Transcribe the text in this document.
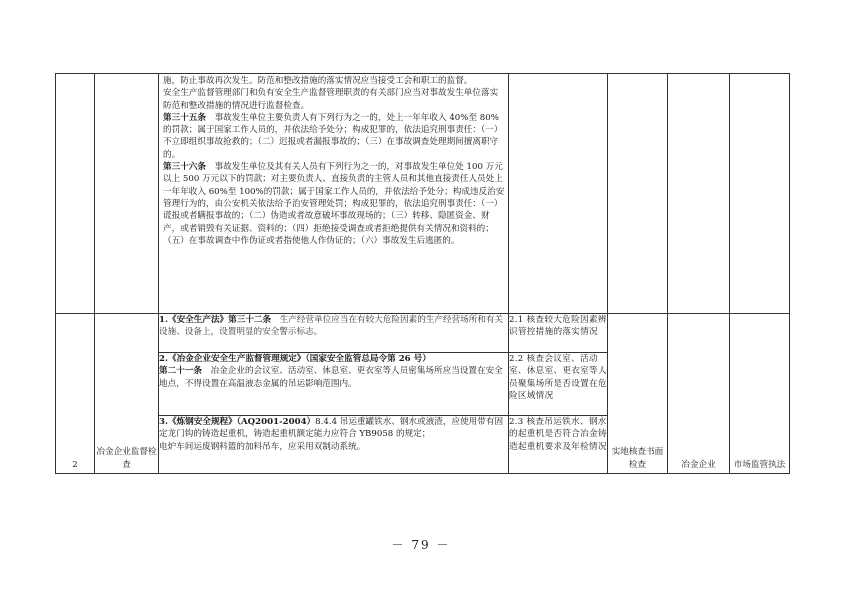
		施，防止事故再次发生。防范和整改措施的落实情况应当接受工会和职工的监督。

安全生产监督管理部门和负有安全生产监督管理职责的有关部门应当对事故发生单位落实防范和整改措施的情况进行监督检查。

第三十五条　事故发生单位主要负责人有下列行为之一的，处上一年年收入 40%至 80%的罚款；属于国家工作人员的，并依法给予处分；构成犯罪的，依法追究刑事责任：（一）不立即组织事故抢救的；（二）迟报或者漏报事故的；（三）在事故调查处理期间擅离职守的。

第三十六条　事故发生单位及其有关人员有下列行为之一的，对事故发生单位处 100 万元以上 500 万元以下的罚款；对主要负责人、直接负责的主管人员和其他直接责任人员处上一年年收入 60%至 100%的罚款；属于国家工作人员的，并依法给予处分；构成违反治安管理行为的，由公安机关依法给予治安管理处罚；构成犯罪的，依法追究刑事责任：（一）谎报或者瞒报事故的；（二）伪造或者故意破坏事故现场的；（三）转移、隐匿资金、财产，或者销毁有关证据、资料的；（四）拒绝接受调查或者拒绝提供有关情况和资料的；（五）在事故调查中作伪证或者指使他人作伪证的；（六）事故发生后逃匿的。				

2	冶金企业监督检查	1.《安全生产法》第三十二条　生产经营单位应当在有较大危险因素的生产经营场所和有关设施、设备上，设置明显的安全警示标志。	2.1 核查较大危险因素辨识管控措施的落实情况	实地核查书面检查	冶金企业	市场监管执法
		2.《冶金企业安全生产监督管理规定》（国家安全监管总局令第 26 号）
第二十一条　冶金企业的会议室、活动室、休息室、更衣室等人员密集场所应当设置在安全地点，不得设置在高温液态金属的吊运影响范围内。	2.2 核查会议室、活动室、休息室、更衣室等人员聚集场所是否设置在危险区域情况			
		3.《炼钢安全规程》（AQ2001-2004）8.4.4 吊运重罐铁水、钢水或液渣，应使用带有固定龙门钩的铸造起重机，铸造起重机额定能力应符合 YB9058 的规定；
电炉车间运废钢料篮的加料吊车，应采用双制动系统。	2.3 核查吊运铁水、钢水的起重机是否符合冶金铸造起重机要求及年检情况			
－ 79 －
